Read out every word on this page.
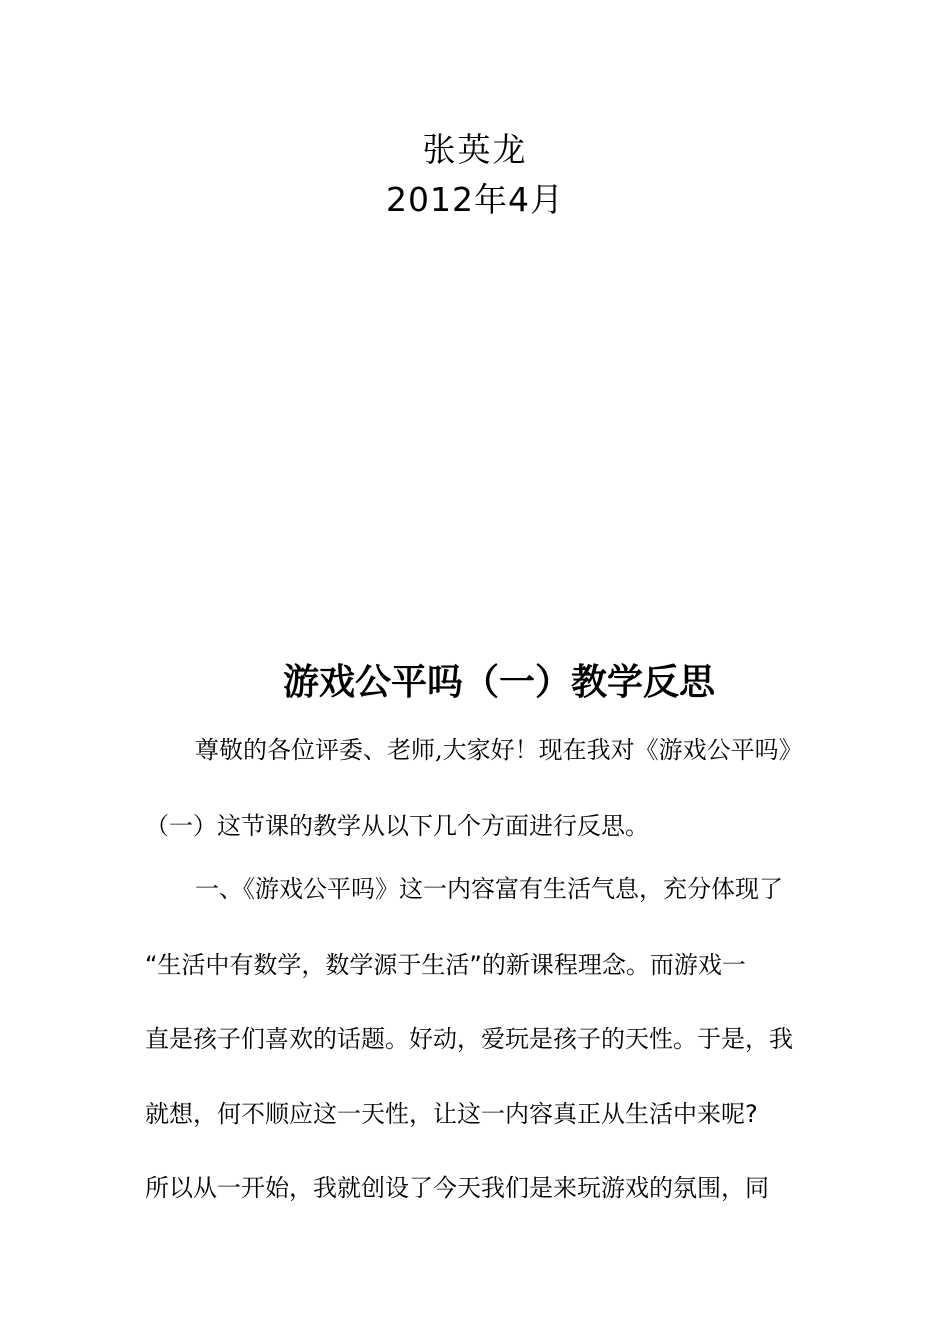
张英龙
2012年4月
游戏公平吗（一）教学反思
尊敬的各位评委、老师,大家好！现在我对《游戏公平吗》
（一）这节课的教学从以下几个方面进行反思。
一、《游戏公平吗》这一内容富有生活气息，充分体现了
“生活中有数学，数学源于生活”的新课程理念。而游戏一
直是孩子们喜欢的话题。好动，爱玩是孩子的天性。于是，我
就想，何不顺应这一天性，让这一内容真正从生活中来呢?
所以从一开始，我就创设了今天我们是来玩游戏的氛围，同
